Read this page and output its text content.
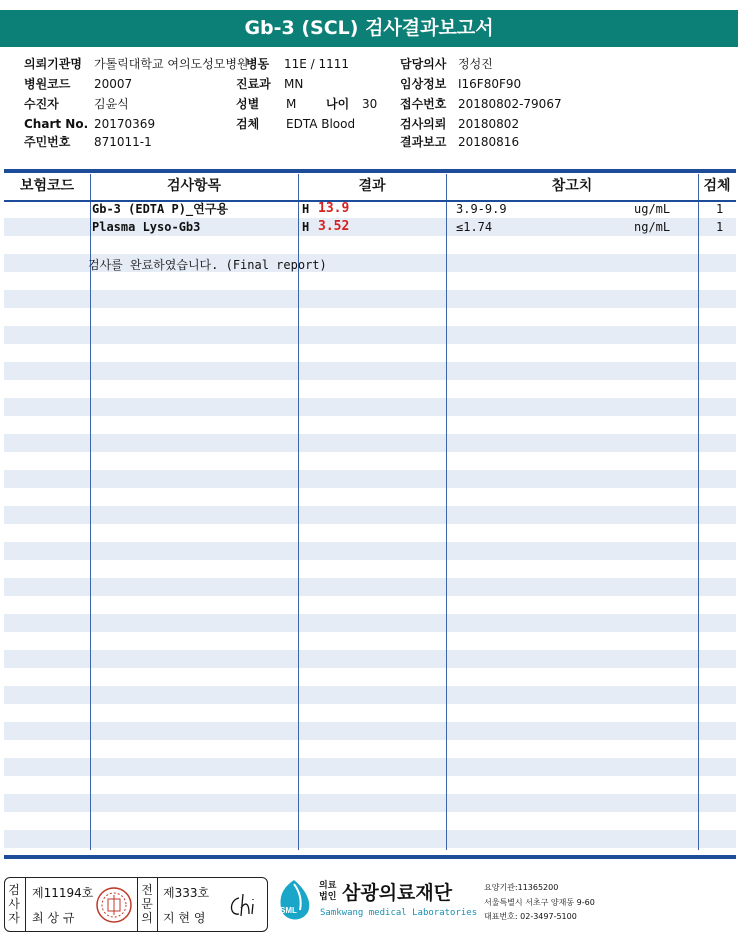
Gb-3 (SCL) 검사결과보고서
의뢰기관명 가톨릭대학교 여의도성모병원
병동 11E / 1111	담당의사 정성진
병원코드 20007	진료과 MN	임상정보 I16F80F90
수진자	김윤식	성별 M 나이 30 접수번호 20180802-79067
Chart No. 20170369	검체 EDTA Blood	검사의뢰 20180802
주민번호 871011-1	결과보고 20180816
보험코드	검사항목	결과	참고치	검체
Gb-3 (EDTA P)_연구용	H 13.9	3.9-9.9	ug/mL	1
Plasma Lyso-Gb3	H 3.52	≤1.74	ng/mL	1
검사를 완료하였습니다. (Final report)
검사자
제11194호
최 상 규
전문의
제333호
지 현 영
SML
의료
법인 삼광의료재단
Samkwang medical Laboratories
요양기관:11365200
서울특별시 서초구 양재동 9-60
대표번호: 02-3497-5100
